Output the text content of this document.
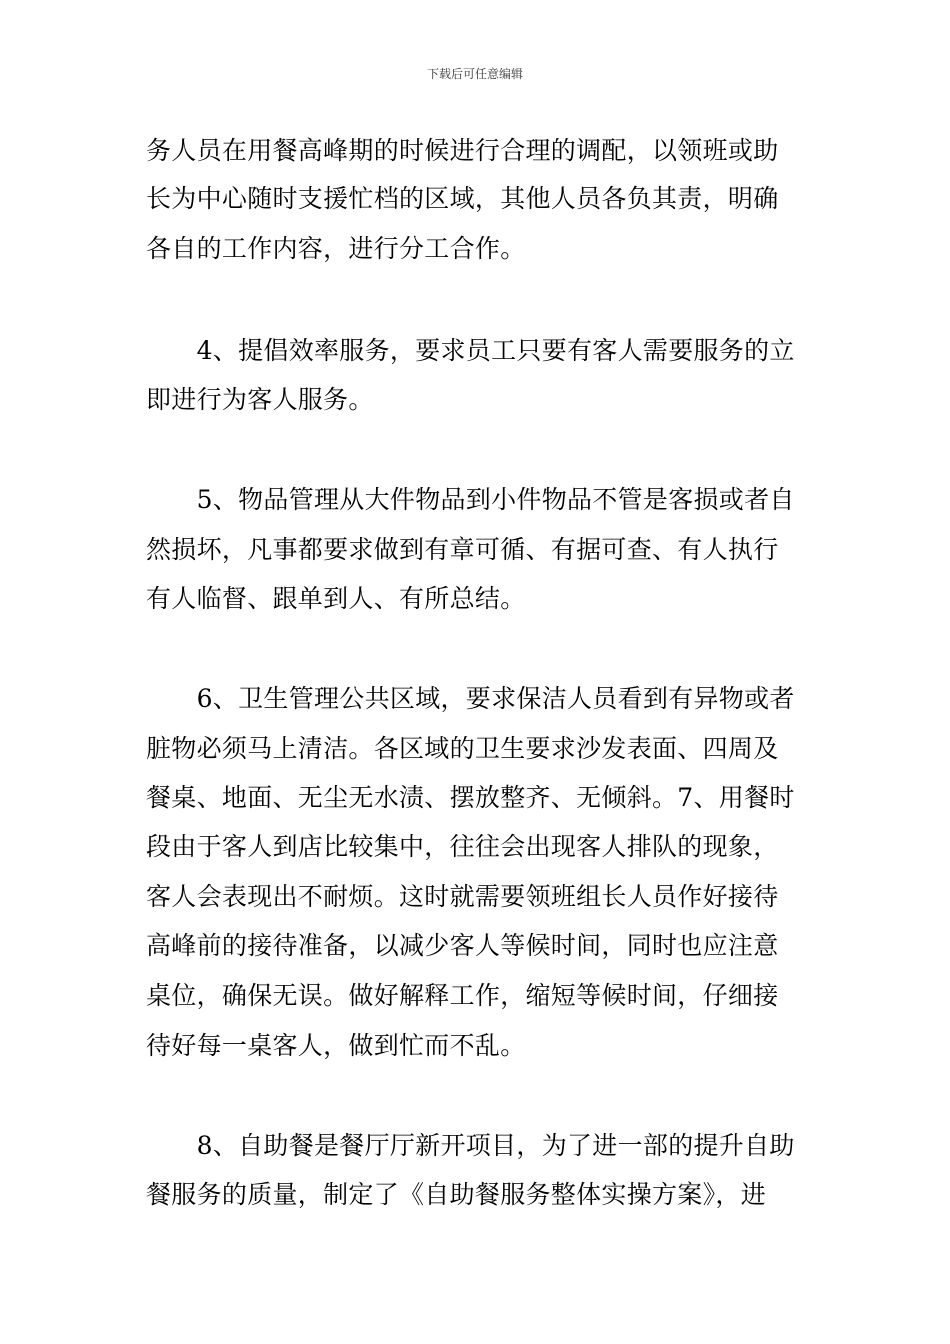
下载后可任意编辑
务人员在用餐高峰期的时候进行合理的调配，以领班或助
长为中心随时支援忙档的区域，其他人员各负其责，明确
各自的工作内容，进行分工合作。
　　4、提倡效率服务，要求员工只要有客人需要服务的立
即进行为客人服务。
　　5、物品管理从大件物品到小件物品不管是客损或者自
然损坏，凡事都要求做到有章可循、有据可查、有人执行
有人临督、跟单到人、有所总结。
　　6、卫生管理公共区域，要求保洁人员看到有异物或者
脏物必须马上清洁。各区域的卫生要求沙发表面、四周及
餐桌、地面、无尘无水渍、摆放整齐、无倾斜。7、用餐时
段由于客人到店比较集中，往往会出现客人排队的现象，
客人会表现出不耐烦。这时就需要领班组长人员作好接待
高峰前的接待准备，以减少客人等候时间，同时也应注意
桌位，确保无误。做好解释工作，缩短等候时间，仔细接
待好每一桌客人，做到忙而不乱。
　　8、自助餐是餐厅厅新开项目，为了进一部的提升自助
餐服务的质量，制定了《自助餐服务整体实操方案》，进
